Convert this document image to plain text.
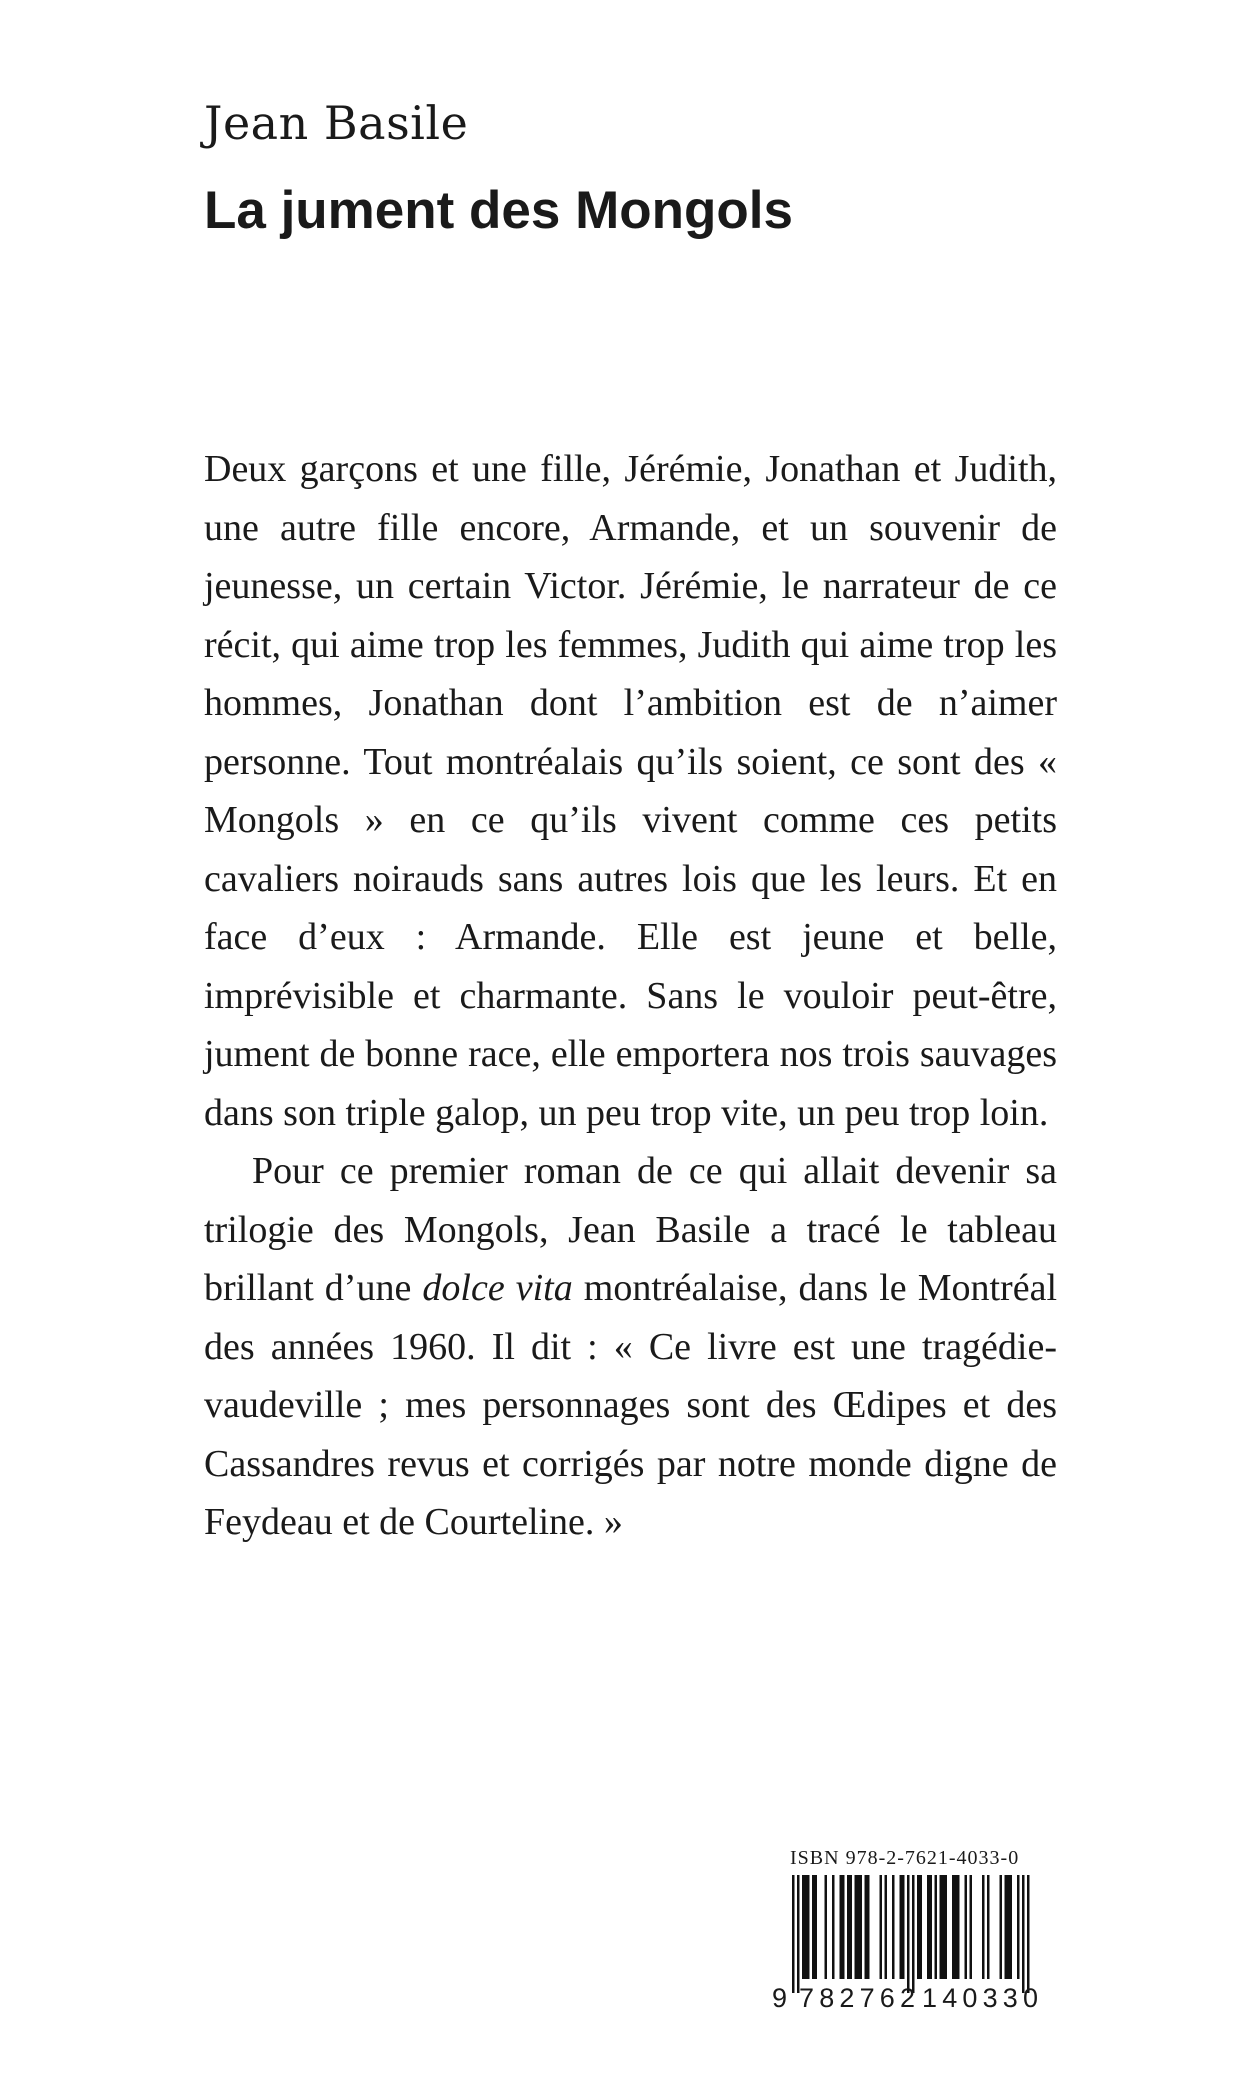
Jean Basile
La jument des Mongols

Deux garçons et une fille, Jérémie, Jonathan et Judith, une autre fille encore, Armande, et un souvenir de jeunesse, un certain Victor. Jérémie, le narrateur de ce récit, qui aime trop les femmes, Judith qui aime trop les hommes, Jonathan dont l’ambition est de n’aimer personne. Tout montréalais qu’ils soient, ce sont des « Mongols » en ce qu’ils vivent comme ces petits cavaliers noirauds sans autres lois que les leurs. Et en face d’eux : Armande. Elle est jeune et belle, imprévisible et charmante. Sans le vouloir peut-être, jument de bonne race, elle emportera nos trois sauvages dans son triple galop, un peu trop vite, un peu trop loin.

Pour ce premier roman de ce qui allait devenir sa trilogie des Mongols, Jean Basile a tracé le tableau brillant d’une dolce vita montréalaise, dans le Montréal des années 1960. Il dit : « Ce livre est une tragédie-vaudeville ; mes personnages sont des Œdipes et des Cassandres revus et corrigés par notre monde digne de Feydeau et de Courteline. »

ISBN 978-2-7621-4033-0
9 782762 140330
